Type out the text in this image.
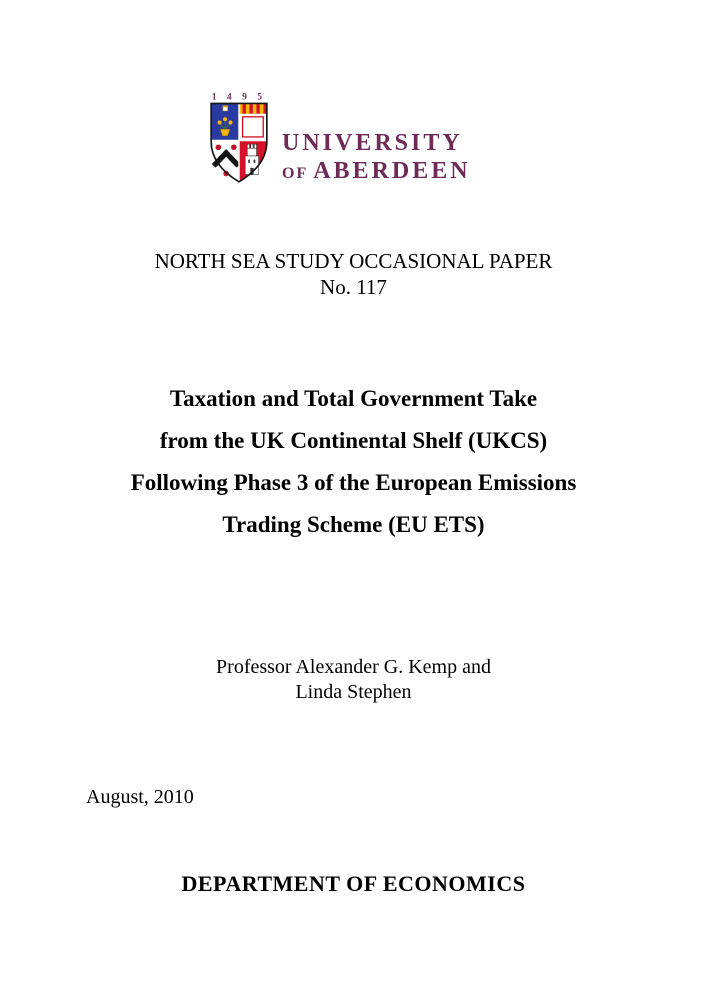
1 4 9 5
UNIVERSITY
OF ABERDEEN
NORTH SEA STUDY OCCASIONAL PAPER
No. 117
Taxation and Total Government Take
from the UK Continental Shelf (UKCS)
Following Phase 3 of the European Emissions
Trading Scheme (EU ETS)
Professor Alexander G. Kemp and
Linda Stephen
August, 2010
DEPARTMENT OF ECONOMICS
